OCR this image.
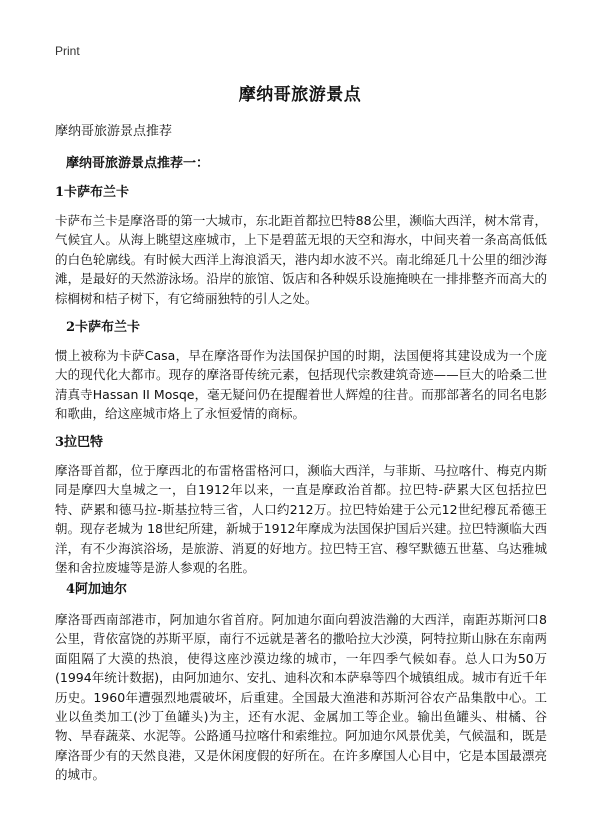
Print
摩纳哥旅游景点
摩纳哥旅游景点推荐
摩纳哥旅游景点推荐一：
1卡萨布兰卡
卡萨布兰卡是摩洛哥的第一大城市，东北距首都拉巴特88公里，濒临大西洋，树木常青，气候宜人。从海上眺望这座城市，上下是碧蓝无垠的天空和海水，中间夹着一条高高低低的白色轮廓线。有时候大西洋上海浪滔天，港内却水波不兴。南北绵延几十公里的细沙海滩，是最好的天然游泳场。沿岸的旅馆、饭店和各种娱乐设施掩映在一排排整齐而高大的棕榈树和桔子树下，有它绮丽独特的引人之处。
2卡萨布兰卡
惯上被称为卡萨Casa，早在摩洛哥作为法国保护国的时期，法国便将其建设成为一个庞大的现代化大都市。现存的摩洛哥传统元素，包括现代宗教建筑奇迹——巨大的哈桑二世清真寺Hassan II Mosqe，毫无疑问仍在提醒着世人辉煌的往昔。而那部著名的同名电影和歌曲，给这座城市烙上了永恒爱情的商标。
3拉巴特
摩洛哥首都，位于摩西北的布雷格雷格河口，濒临大西洋，与菲斯、马拉喀什、梅克内斯同是摩四大皇城之一，自1912年以来，一直是摩政治首都。拉巴特-萨累大区包括拉巴特、萨累和德马拉-斯基拉特三省，人口约212万。拉巴特始建于公元12世纪穆瓦希德王朝。现存老城为 18世纪所建，新城于1912年摩成为法国保护国后兴建。拉巴特濒临大西洋，有不少海滨浴场，是旅游、消夏的好地方。拉巴特王宫、穆罕默德五世墓、乌达雅城堡和舍拉废墟等是游人参观的名胜。
4阿加迪尔
摩洛哥西南部港市，阿加迪尔省首府。阿加迪尔面向碧波浩瀚的大西洋，南距苏斯河口8公里，背依富饶的苏斯平原，南行不远就是著名的撒哈拉大沙漠，阿特拉斯山脉在东南两面阻隔了大漠的热浪，使得这座沙漠边缘的城市，一年四季气候如春。总人口为50万(1994年统计数据)，由阿加迪尔、安扎、迪科次和本萨皋等四个城镇组成。城市有近千年历史。1960年遭强烈地震破坏，后重建。全国最大渔港和苏斯河谷农产品集散中心。工业以鱼类加工(沙丁鱼罐头)为主，还有水泥、金属加工等企业。输出鱼罐头、柑橘、谷物、旱春蔬菜、水泥等。公路通马拉喀什和索维拉。阿加迪尔风景优美，气候温和，既是摩洛哥少有的天然良港，又是休闲度假的好所在。在许多摩国人心目中，它是本国最漂亮的城市。
